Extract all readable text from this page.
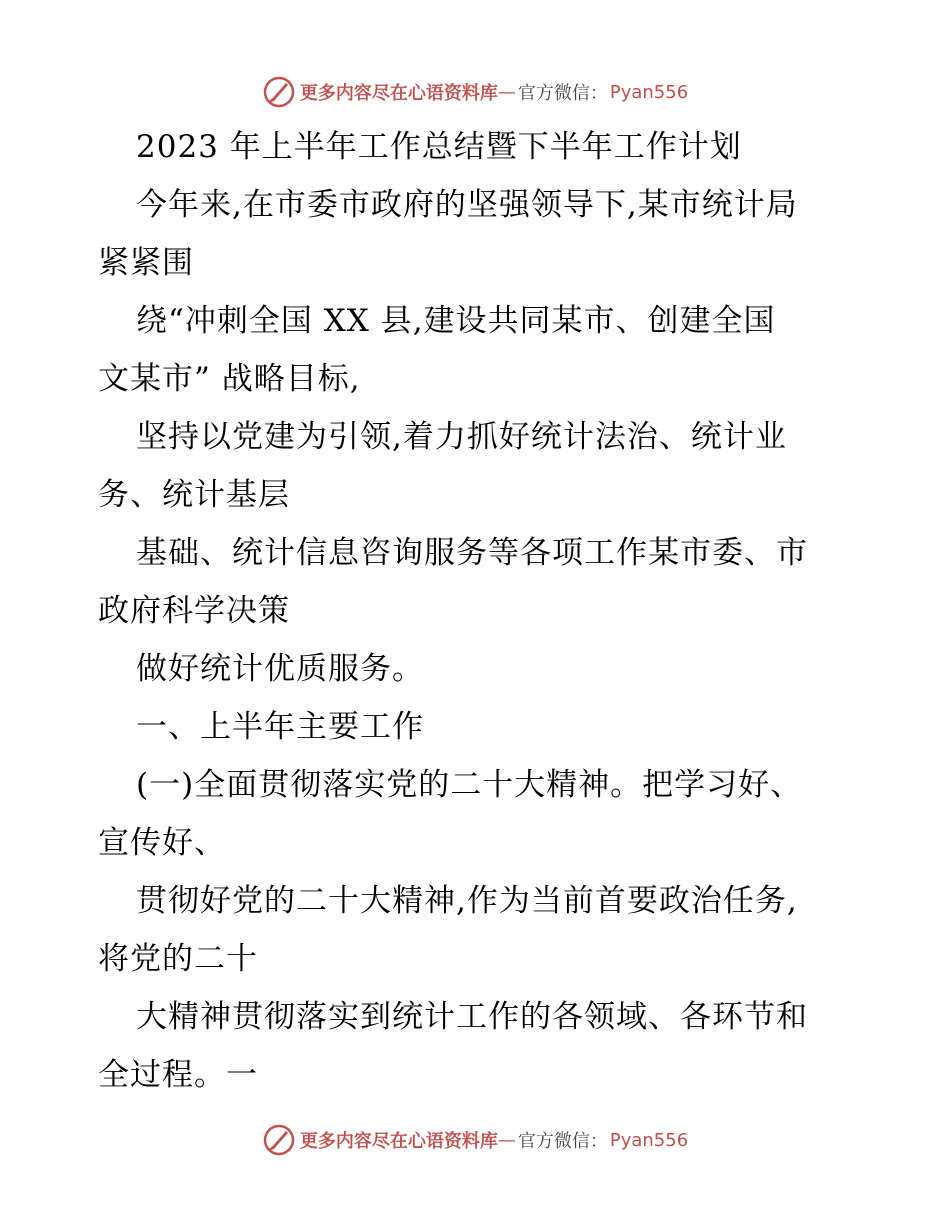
更多内容尽在心语资料库 — 官方微信： Pyan556
2023 年上半年工作总结暨下半年工作计划
今年来,在市委市政府的坚强领导下,某市统计局
紧紧围
绕“冲刺全国 XX 县,建设共同某市、创建全国
文某市” 战略目标,
坚持以党建为引领,着力抓好统计法治、统计业
务、统计基层
基础、统计信息咨询服务等各项工作某市委、市
政府科学决策
做好统计优质服务。
一、上半年主要工作
(一)全面贯彻落实党的二十大精神。把学习好、
宣传好、
贯彻好党的二十大精神,作为当前首要政治任务,
将党的二十
大精神贯彻落实到统计工作的各领域、各环节和
全过程。一
更多内容尽在心语资料库 — 官方微信： Pyan556
